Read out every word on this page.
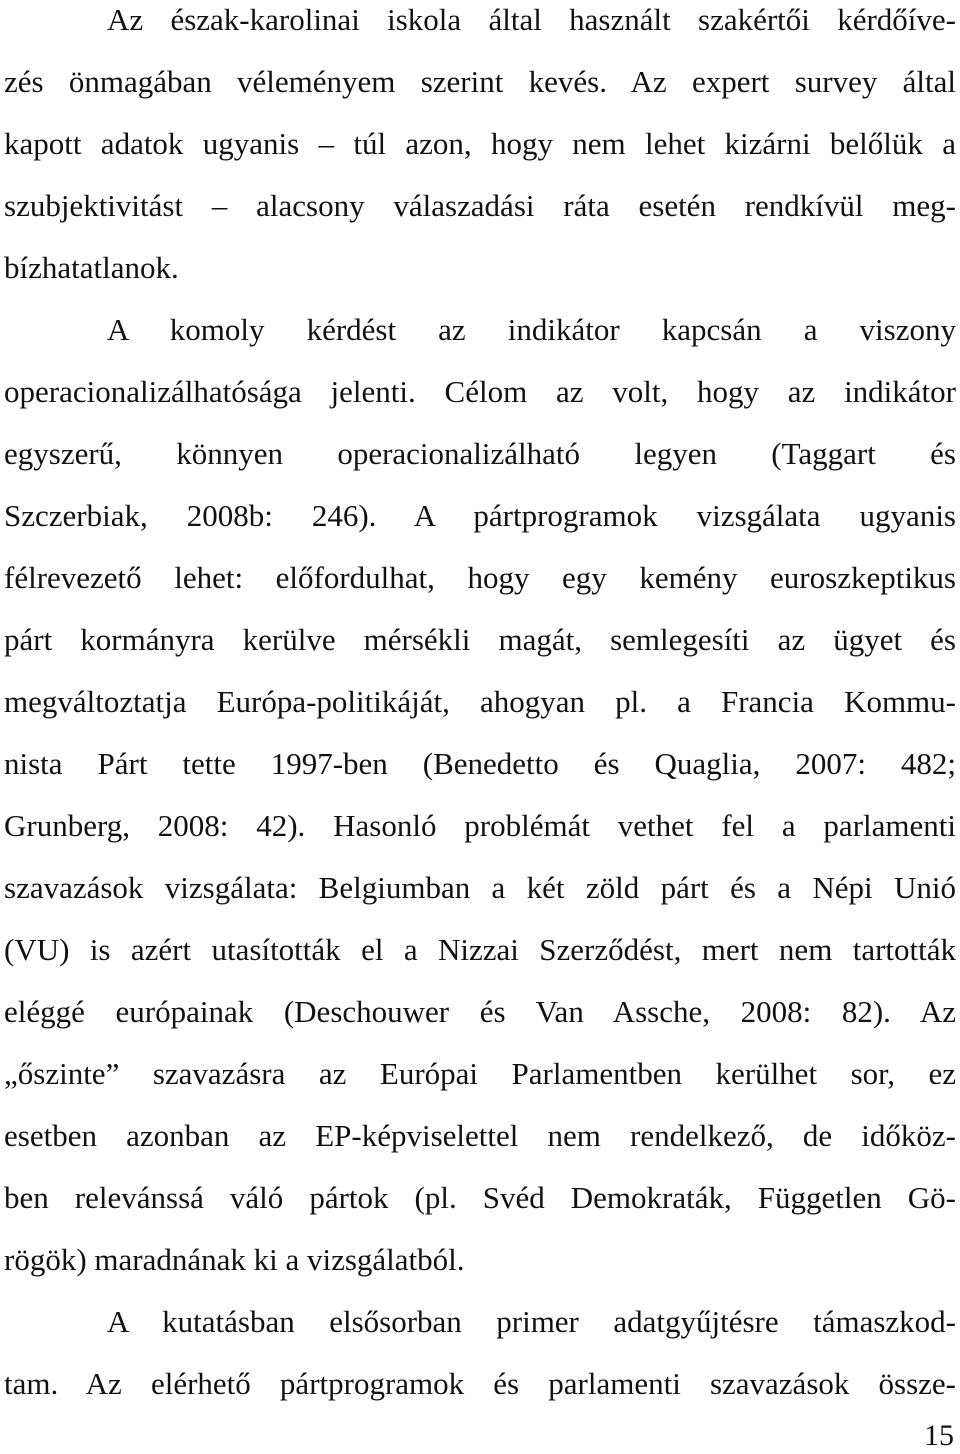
Az észak-karolinai iskola által használt szakértői kérdőíve-
zés önmagában véleményem szerint kevés. Az expert survey által
kapott adatok ugyanis – túl azon, hogy nem lehet kizárni belőlük a
szubjektivitást – alacsony válaszadási ráta esetén rendkívül meg-
bízhatatlanok.
A komoly kérdést az indikátor kapcsán a viszony
operacionalizálhatósága jelenti. Célom az volt, hogy az indikátor
egyszerű, könnyen operacionalizálható legyen (Taggart és
Szczerbiak, 2008b: 246). A pártprogramok vizsgálata ugyanis
félrevezető lehet: előfordulhat, hogy egy kemény euroszkeptikus
párt kormányra kerülve mérsékli magát, semlegesíti az ügyet és
megváltoztatja Európa-politikáját, ahogyan pl. a Francia Kommu-
nista Párt tette 1997-ben (Benedetto és Quaglia, 2007: 482;
Grunberg, 2008: 42). Hasonló problémát vethet fel a parlamenti
szavazások vizsgálata: Belgiumban a két zöld párt és a Népi Unió
(VU) is azért utasították el a Nizzai Szerződést, mert nem tartották
eléggé európainak (Deschouwer és Van Assche, 2008: 82). Az
„őszinte” szavazásra az Európai Parlamentben kerülhet sor, ez
esetben azonban az EP-képviselettel nem rendelkező, de időköz-
ben relevánssá váló pártok (pl. Svéd Demokraták, Független Gö-
rögök) maradnának ki a vizsgálatból.
A kutatásban elsősorban primer adatgyűjtésre támaszkod-
tam. Az elérhető pártprogramok és parlamenti szavazások össze-
15
